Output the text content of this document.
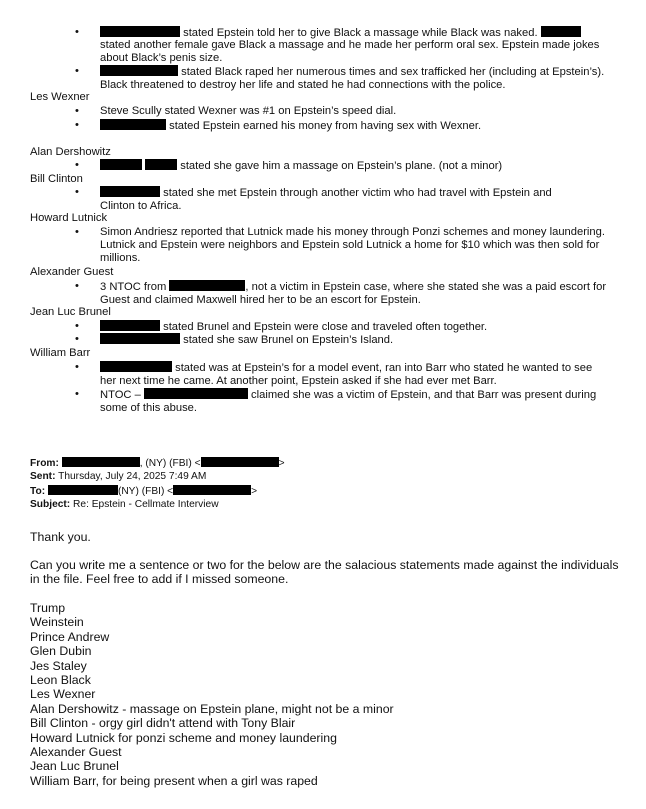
stated Epstein told her to give Black a massage while Black was naked.
stated another female gave Black a massage and he made her perform oral sex. Epstein made jokes about Black’s penis size.
stated Black raped her numerous times and sex trafficked her (including at Epstein’s). Black threatened to destroy her life and stated he had connections with the police.

Les Wexner

Steve Scully stated Wexner was #1 on Epstein’s speed dial.
stated Epstein earned his money from having sex with Wexner.

Alan Dershowitz

stated she gave him a massage on Epstein’s plane. (not a minor)

Bill Clinton

stated she met Epstein through another victim who had travel with Epstein and Clinton to Africa.

Howard Lutnick

Simon Andriesz reported that Lutnick made his money through Ponzi schemes and money laundering. Lutnick and Epstein were neighbors and Epstein sold Lutnick a home for $10 which was then sold for millions.

Alexander Guest

3 NTOC from	, not a victim in Epstein case, where she stated she was a paid escort for Guest and claimed Maxwell hired her to be an escort for Epstein.

Jean Luc Brunel

stated Brunel and Epstein were close and traveled often together.
stated she saw Brunel on Epstein’s Island.

William Barr

stated was at Epstein’s for a model event, ran into Barr who stated he wanted to see her next time he came. At another point, Epstein asked if she had ever met Barr.
NTOC –	claimed she was a victim of Epstein, and that Barr was present during some of this abuse.
From:	, (NY) (FBI) <	>
Sent: Thursday, July 24, 2025 7:49 AM
To:	(NY) (FBI) <	>
Subject: Re: Epstein - Cellmate Interview
Thank you.
Can you write me a sentence or two for the below are the salacious statements made against the individuals in the file. Feel free to add if I missed someone.
Trump
Weinstein
Prince Andrew
Glen Dubin
Jes Staley
Leon Black
Les Wexner
Alan Dershowitz - massage on Epstein plane, might not be a minor
Bill Clinton - orgy girl didn't attend with Tony Blair
Howard Lutnick for ponzi scheme and money laundering
Alexander Guest
Jean Luc Brunel
William Barr, for being present when a girl was raped
